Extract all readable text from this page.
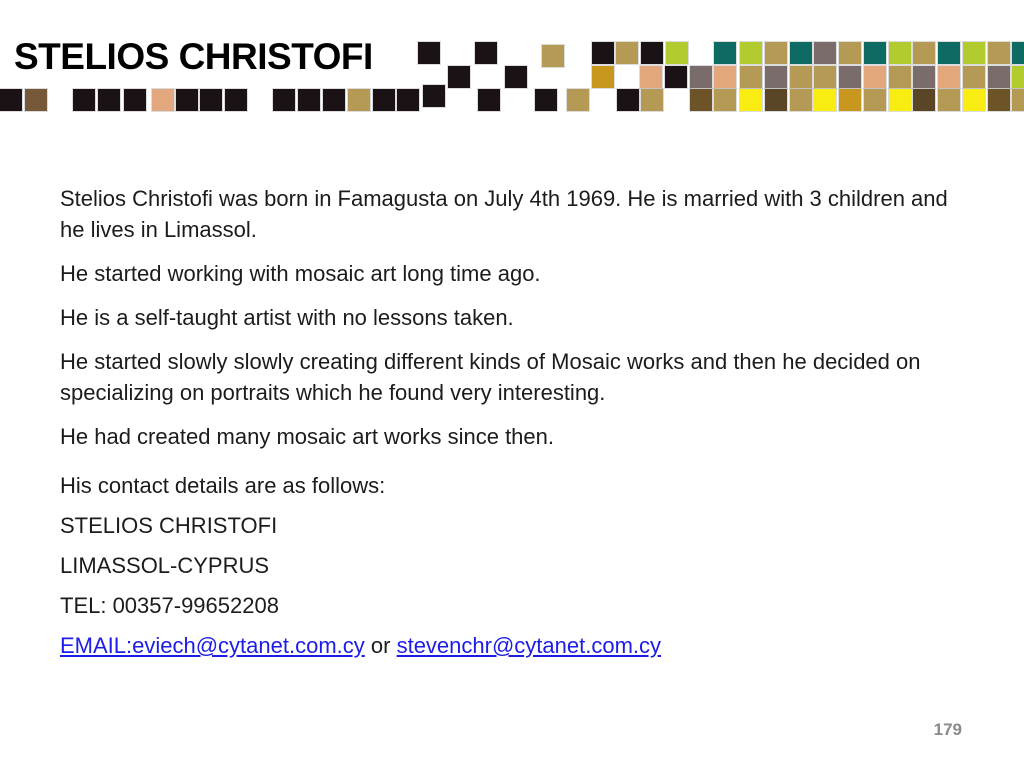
STELIOS CHRISTOFI

Stelios Christofi was born in Famagusta on July 4th 1969. He is married with 3 children and he lives in Limassol.

He started working with mosaic art long time ago.

He is a self-taught artist with no lessons taken.

He started slowly slowly creating different kinds of Mosaic works and then he decided on specializing on portraits which he found very interesting.

He had created many mosaic art works since then.

His contact details are as follows:

STELIOS CHRISTOFI

LIMASSOL-CYPRUS

TEL: 00357-99652208

EMAIL:eviech@cytanet.com.cy or stevenchr@cytanet.com.cy

179
